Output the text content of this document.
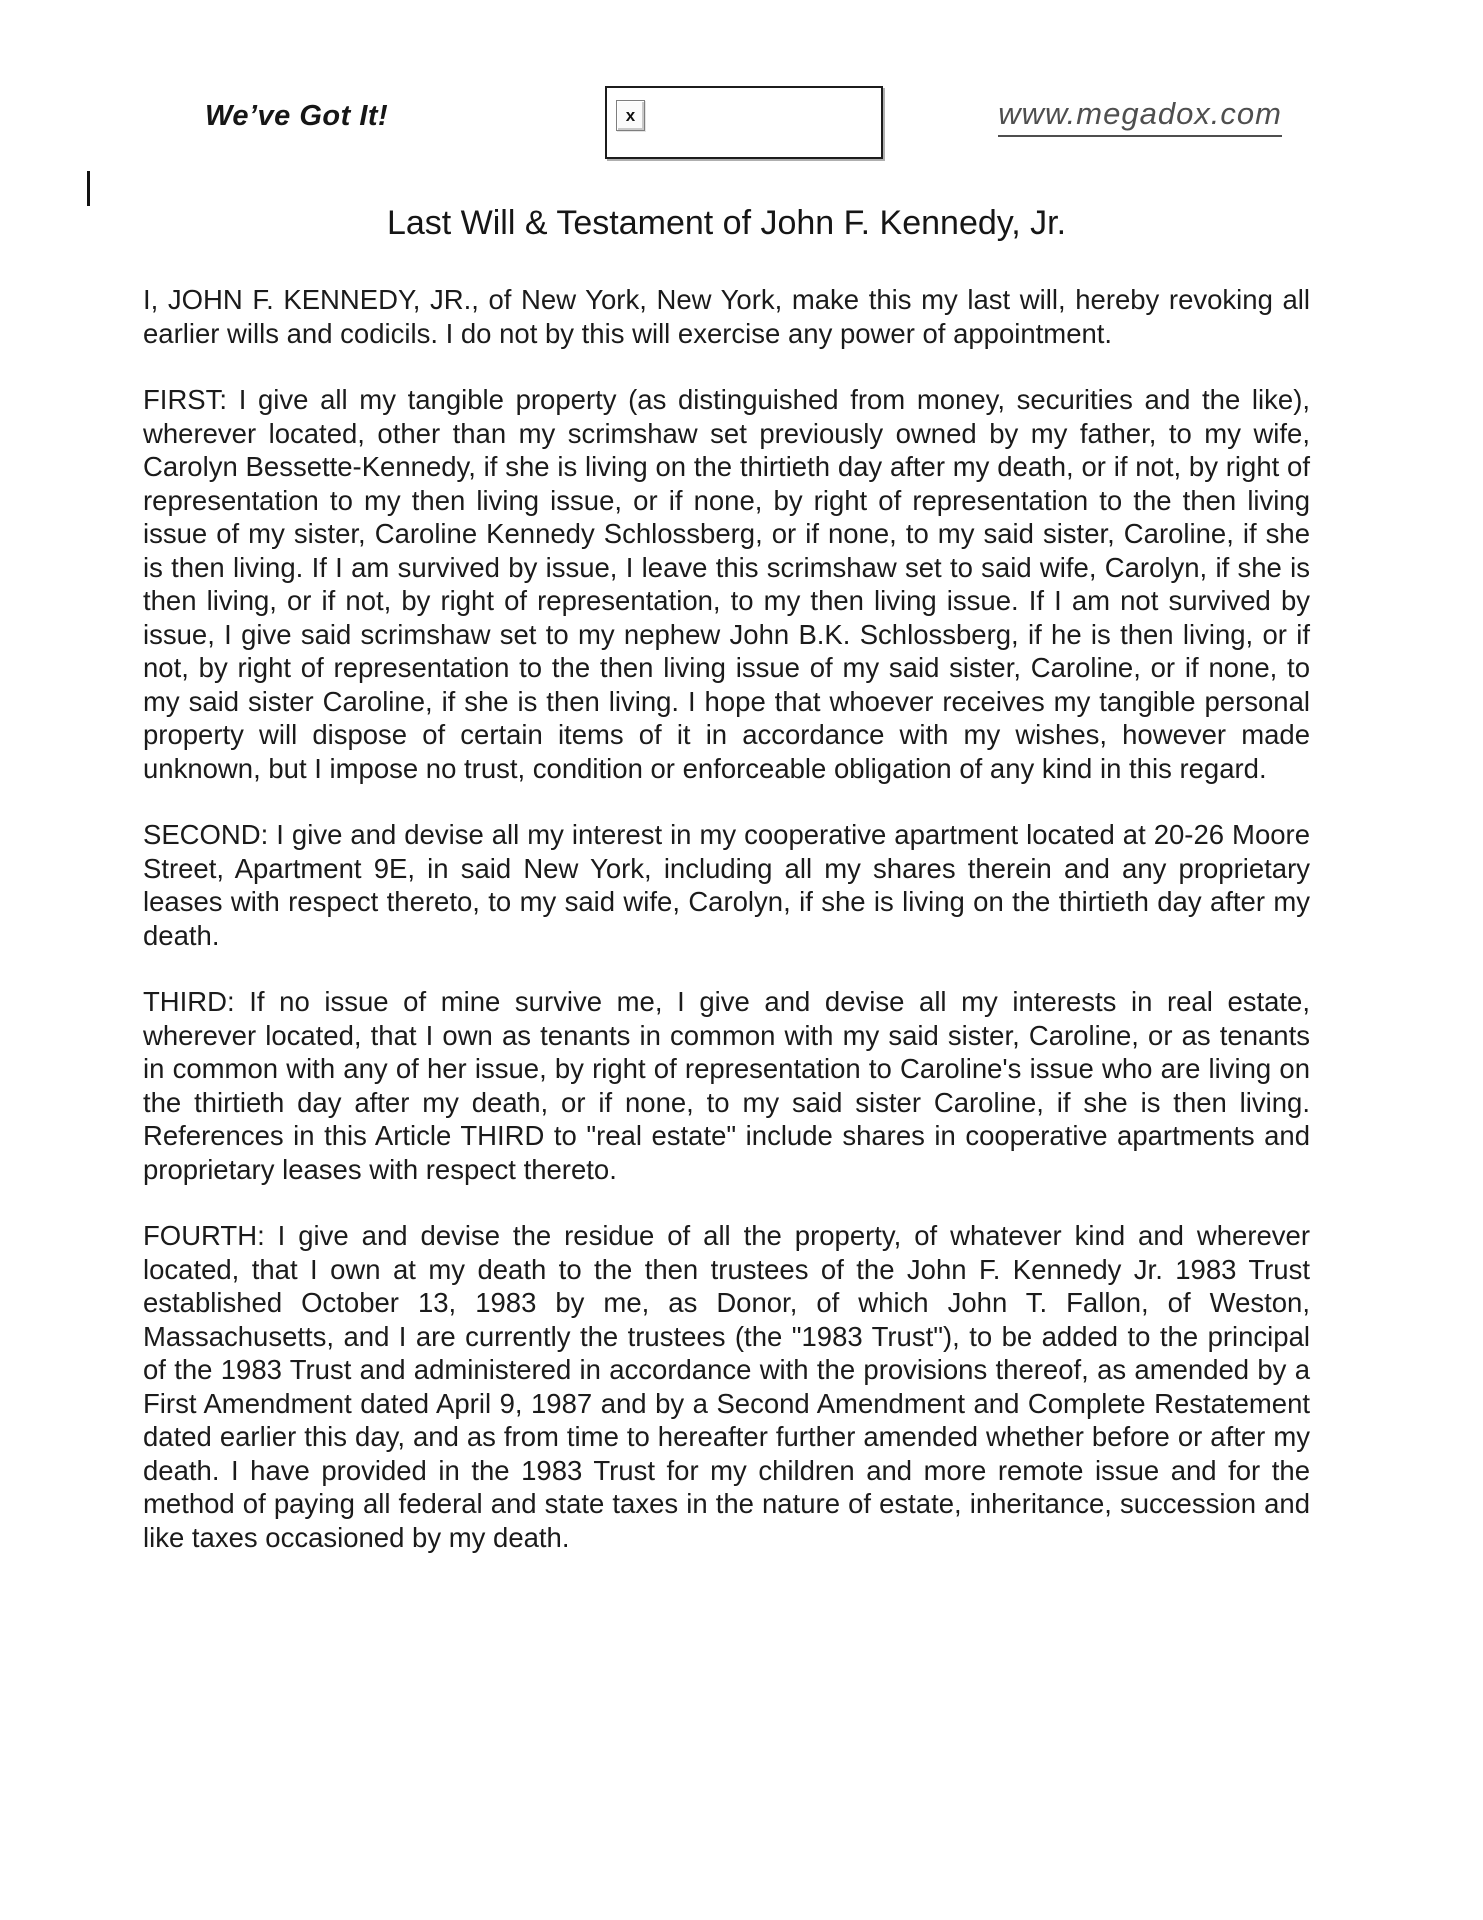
We’ve Got It!	x	www.megadox.com
Last Will & Testament of John F. Kennedy, Jr.

I, JOHN F. KENNEDY, JR., of New York, New York, make this my last will, hereby revoking all earlier wills and codicils. I do not by this will exercise any power of appointment.

FIRST: I give all my tangible property (as distinguished from money, securities and the like), wherever located, other than my scrimshaw set previously owned by my father, to my wife, Carolyn Bessette-Kennedy, if she is living on the thirtieth day after my death, or if not, by right of representation to my then living issue, or if none, by right of representation to the then living issue of my sister, Caroline Kennedy Schlossberg, or if none, to my said sister, Caroline, if she is then living. If I am survived by issue, I leave this scrimshaw set to said wife, Carolyn, if she is then living, or if not, by right of representation, to my then living issue. If I am not survived by issue, I give said scrimshaw set to my nephew John B.K. Schlossberg, if he is then living, or if not, by right of representation to the then living issue of my said sister, Caroline, or if none, to my said sister Caroline, if she is then living. I hope that whoever receives my tangible personal property will dispose of certain items of it in accordance with my wishes, however made unknown, but I impose no trust, condition or enforceable obligation of any kind in this regard.

SECOND: I give and devise all my interest in my cooperative apartment located at 20-26 Moore Street, Apartment 9E, in said New York, including all my shares therein and any proprietary leases with respect thereto, to my said wife, Carolyn, if she is living on the thirtieth day after my death.

THIRD: If no issue of mine survive me, I give and devise all my interests in real estate, wherever located, that I own as tenants in common with my said sister, Caroline, or as tenants in common with any of her issue, by right of representation to Caroline's issue who are living on the thirtieth day after my death, or if none, to my said sister Caroline, if she is then living. References in this Article THIRD to "real estate" include shares in cooperative apartments and proprietary leases with respect thereto.

FOURTH: I give and devise the residue of all the property, of whatever kind and wherever located, that I own at my death to the then trustees of the John F. Kennedy Jr. 1983 Trust established October 13, 1983 by me, as Donor, of which John T. Fallon, of Weston, Massachusetts, and I are currently the trustees (the "1983 Trust"), to be added to the principal of the 1983 Trust and administered in accordance with the provisions thereof, as amended by a First Amendment dated April 9, 1987 and by a Second Amendment and Complete Restatement dated earlier this day, and as from time to hereafter further amended whether before or after my death. I have provided in the 1983 Trust for my children and more remote issue and for the method of paying all federal and state taxes in the nature of estate, inheritance, succession and like taxes occasioned by my death.
